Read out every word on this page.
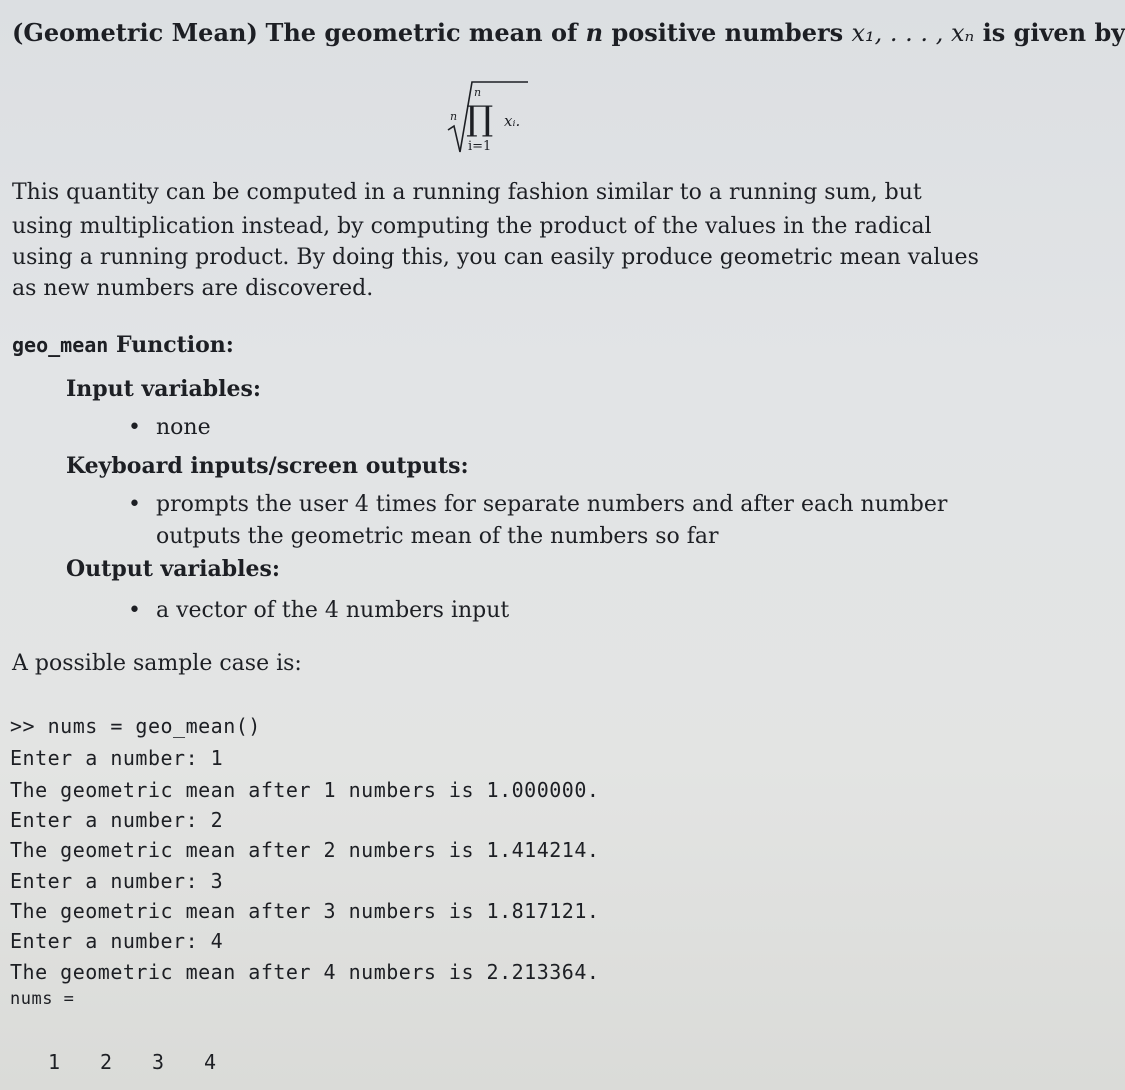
(Geometric Mean) The geometric mean of n positive numbers x₁, . . . , xₙ is given by
n
n
∏
i=1
xᵢ.
This quantity can be computed in a running fashion similar to a running sum, but
using multiplication instead, by computing the product of the values in the radical
using a running product. By doing this, you can easily produce geometric mean values
as new numbers are discovered.
geo_mean Function:
Input variables:
• none
Keyboard inputs/screen outputs:
• prompts the user 4 times for separate numbers and after each number
outputs the geometric mean of the numbers so far
Output variables:
• a vector of the 4 numbers input
A possible sample case is:
>> nums = geo_mean()
Enter a number: 1
The geometric mean after 1 numbers is 1.000000.
Enter a number: 2
The geometric mean after 2 numbers is 1.414214.
Enter a number: 3
The geometric mean after 3 numbers is 1.817121.
Enter a number: 4
The geometric mean after 4 numbers is 2.213364.
nums =
1 2 3 4
